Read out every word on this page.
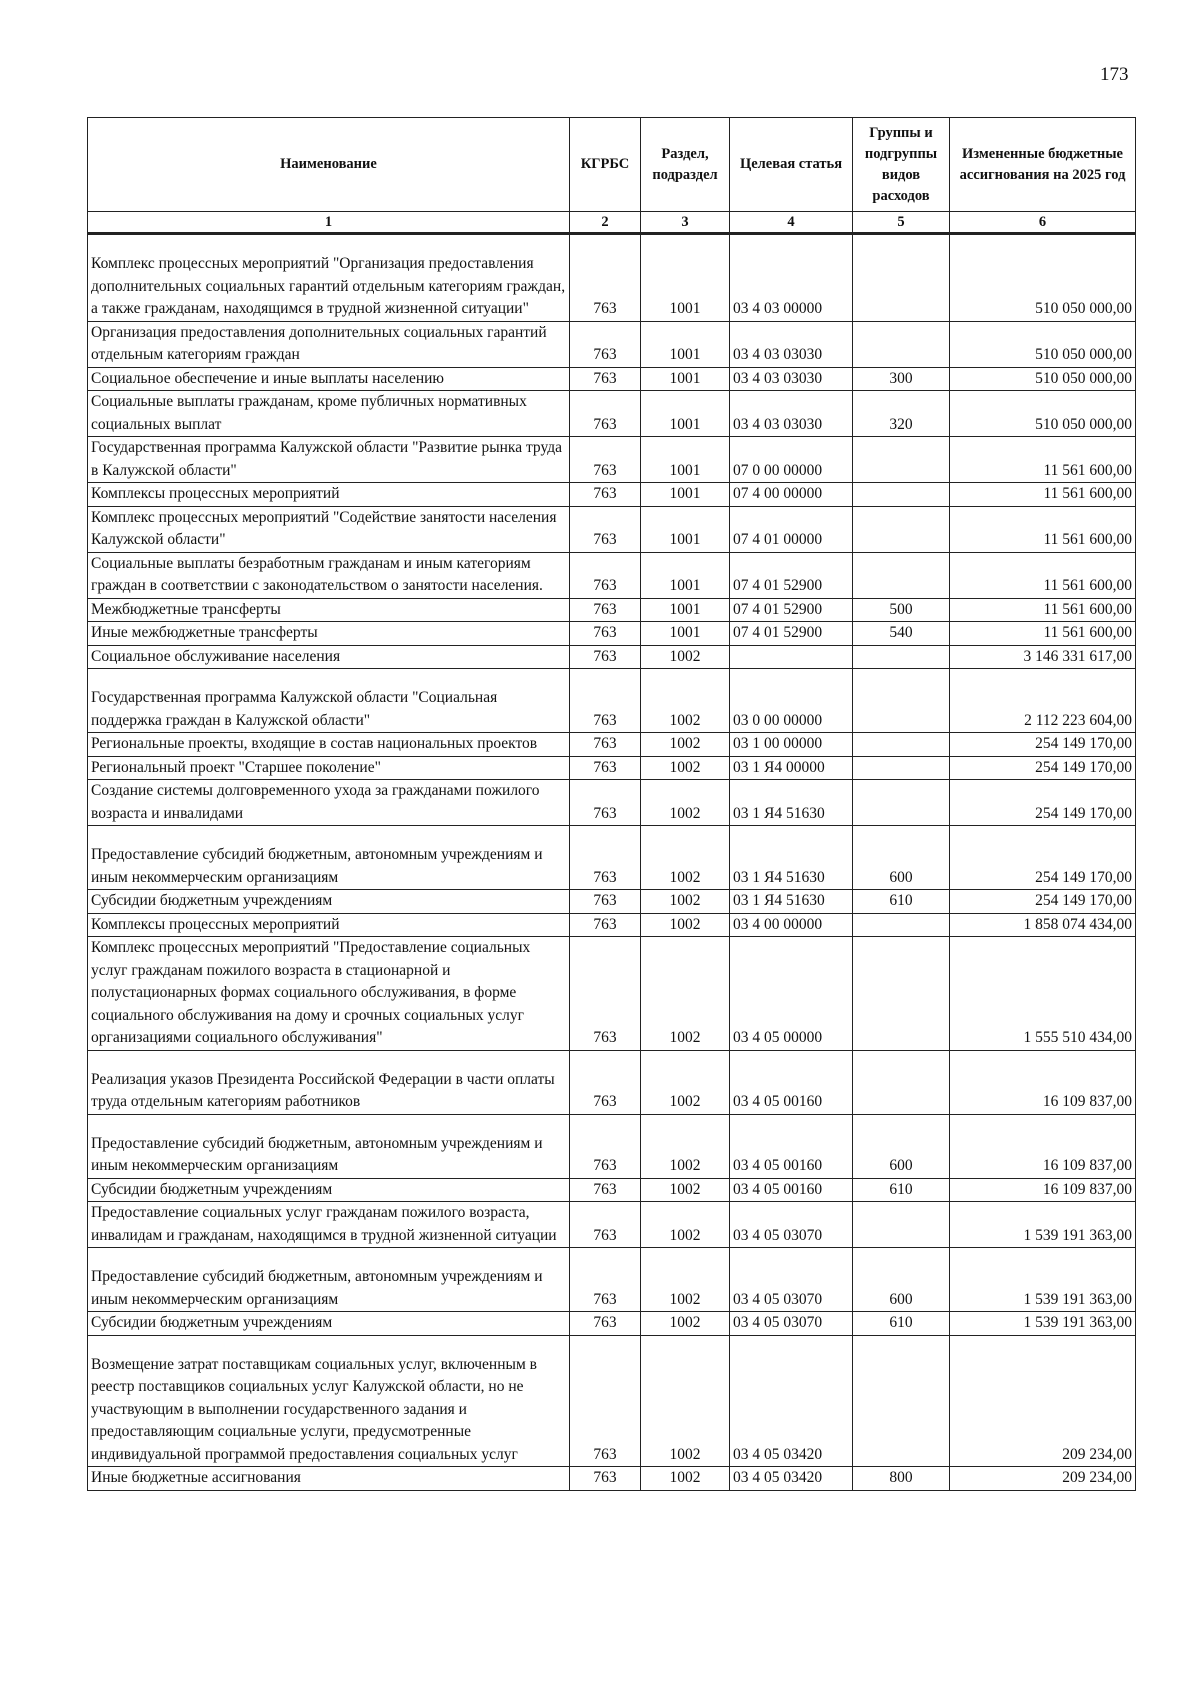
173
Наименование	КГРБС	Раздел, подраздел	Целевая статья	Группы и подгруппы видов расходов	Измененные бюджетные ассигнования на 2025 год
1	2	3	4	5	6
Комплекс процессных мероприятий "Организация предоставления дополнительных социальных гарантий отдельным категориям граждан, а также гражданам, находящимся в трудной жизненной ситуации"	763	1001	03 4 03 00000		510 050 000,00
Организация предоставления дополнительных социальных гарантий отдельным категориям граждан	763	1001	03 4 03 03030		510 050 000,00
Социальное обеспечение и иные выплаты населению	763	1001	03 4 03 03030	300	510 050 000,00
Социальные выплаты гражданам, кроме публичных нормативных социальных выплат	763	1001	03 4 03 03030	320	510 050 000,00
Государственная программа Калужской области "Развитие рынка труда в Калужской области"	763	1001	07 0 00 00000		11 561 600,00
Комплексы процессных мероприятий	763	1001	07 4 00 00000		11 561 600,00
Комплекс процессных мероприятий "Содействие занятости населения Калужской области"	763	1001	07 4 01 00000		11 561 600,00
Социальные выплаты безработным гражданам и иным категориям граждан в соответствии с законодательством о занятости населения.	763	1001	07 4 01 52900		11 561 600,00
Межбюджетные трансферты	763	1001	07 4 01 52900	500	11 561 600,00
Иные межбюджетные трансферты	763	1001	07 4 01 52900	540	11 561 600,00
Социальное обслуживание населения	763	1002			3 146 331 617,00
Государственная программа Калужской области "Социальная поддержка граждан в Калужской области"	763	1002	03 0 00 00000		2 112 223 604,00
Региональные проекты, входящие в состав национальных проектов	763	1002	03 1 00 00000		254 149 170,00
Региональный проект "Старшее поколение"	763	1002	03 1 Я4 00000		254 149 170,00
Создание системы долговременного ухода за гражданами пожилого возраста и инвалидами	763	1002	03 1 Я4 51630		254 149 170,00
Предоставление субсидий бюджетным, автономным учреждениям и иным некоммерческим организациям	763	1002	03 1 Я4 51630	600	254 149 170,00
Субсидии бюджетным учреждениям	763	1002	03 1 Я4 51630	610	254 149 170,00
Комплексы процессных мероприятий	763	1002	03 4 00 00000		1 858 074 434,00
Комплекс процессных мероприятий "Предоставление социальных услуг гражданам пожилого возраста в стационарной и полустационарных формах социального обслуживания, в форме социального обслуживания на дому и срочных социальных услуг организациями социального обслуживания"	763	1002	03 4 05 00000		1 555 510 434,00
Реализация указов Президента Российской Федерации в части оплаты труда отдельным категориям работников	763	1002	03 4 05 00160		16 109 837,00
Предоставление субсидий бюджетным, автономным учреждениям и иным некоммерческим организациям	763	1002	03 4 05 00160	600	16 109 837,00
Субсидии бюджетным учреждениям	763	1002	03 4 05 00160	610	16 109 837,00
Предоставление социальных услуг гражданам пожилого возраста, инвалидам и гражданам, находящимся в трудной жизненной ситуации	763	1002	03 4 05 03070		1 539 191 363,00
Предоставление субсидий бюджетным, автономным учреждениям и иным некоммерческим организациям	763	1002	03 4 05 03070	600	1 539 191 363,00
Субсидии бюджетным учреждениям	763	1002	03 4 05 03070	610	1 539 191 363,00
Возмещение затрат поставщикам социальных услуг, включенным в реестр поставщиков социальных услуг Калужской области, но не участвующим в выполнении государственного задания и предоставляющим социальные услуги, предусмотренные индивидуальной программой предоставления социальных услуг	763	1002	03 4 05 03420		209 234,00
Иные бюджетные ассигнования	763	1002	03 4 05 03420	800	209 234,00
